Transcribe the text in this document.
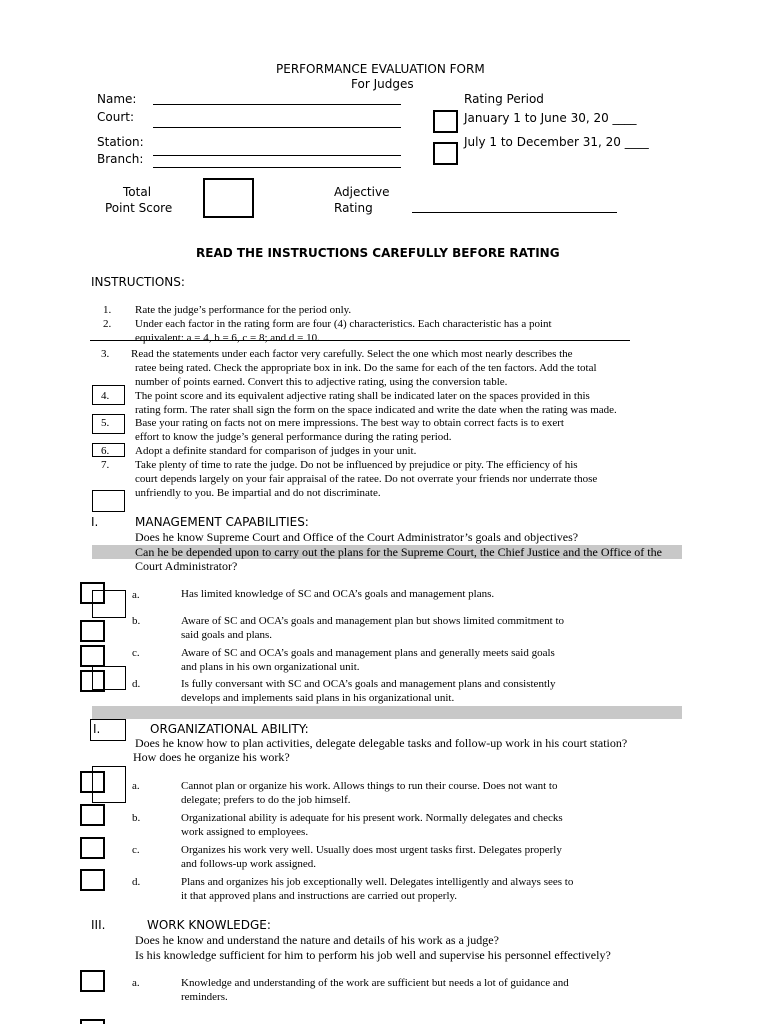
PERFORMANCE EVALUATION FORM
For Judges
Name:
Court:
Station:
Branch:
Rating Period
January 1 to June 30, 20 ____
July 1 to December 31, 20 ____
Total
Point Score
Adjective
Rating
READ THE INSTRUCTIONS CAREFULLY BEFORE RATING
INSTRUCTIONS:
1. Rate the judge’s performance for the period only.
2. Under each factor in the rating form are four (4) characteristics. Each characteristic has a point
equivalent: a = 4, b = 6, c = 8; and d = 10.
3. Read the statements under each factor very carefully. Select the one which most nearly describes the
ratee being rated. Check the appropriate box in ink. Do the same for each of the ten factors. Add the total
number of points earned. Convert this to adjective rating, using the conversion table.
4. The point score and its equivalent adjective rating shall be indicated later on the spaces provided in this
rating form. The rater shall sign the form on the space indicated and write the date when the rating was made.
5. Base your rating on facts not on mere impressions. The best way to obtain correct facts is to exert
effort to know the judge’s general performance during the rating period.
6. Adopt a definite standard for comparison of judges in your unit.
7. Take plenty of time to rate the judge. Do not be influenced by prejudice or pity. The efficiency of his
court depends largely on your fair appraisal of the ratee. Do not overrate your friends nor underrate those
unfriendly to you. Be impartial and do not discriminate.
I.	MANAGEMENT CAPABILITIES:
Does he know Supreme Court and Office of the Court Administrator’s goals and objectives?
Can he be depended upon to carry out the plans for the Supreme Court, the Chief Justice and the Office of the
Court Administrator?
a.	Has limited knowledge of SC and OCA’s goals and management plans.
b.	Aware of SC and OCA’s goals and management plan but shows limited commitment to
said goals and plans.
c.	Aware of SC and OCA’s goals and management plans and generally meets said goals
and plans in his own organizational unit.
d.	Is fully conversant with SC and OCA’s goals and management plans and consistently
develops and implements said plans in his organizational unit.
I.	ORGANIZATIONAL ABILITY:
Does he know how to plan activities, delegate delegable tasks and follow-up work in his court station?
How does he organize his work?
a.	Cannot plan or organize his work. Allows things to run their course. Does not want to
delegate; prefers to do the job himself.
b.	Organizational ability is adequate for his present work. Normally delegates and checks
work assigned to employees.
c.	Organizes his work very well. Usually does most urgent tasks first. Delegates properly
and follows-up work assigned.
d.	Plans and organizes his job exceptionally well. Delegates intelligently and always sees to
it that approved plans and instructions are carried out properly.
III.	WORK KNOWLEDGE:
Does he know and understand the nature and details of his work as a judge?
Is his knowledge sufficient for him to perform his job well and supervise his personnel effectively?
a.	Knowledge and understanding of the work are sufficient but needs a lot of guidance and
reminders.
